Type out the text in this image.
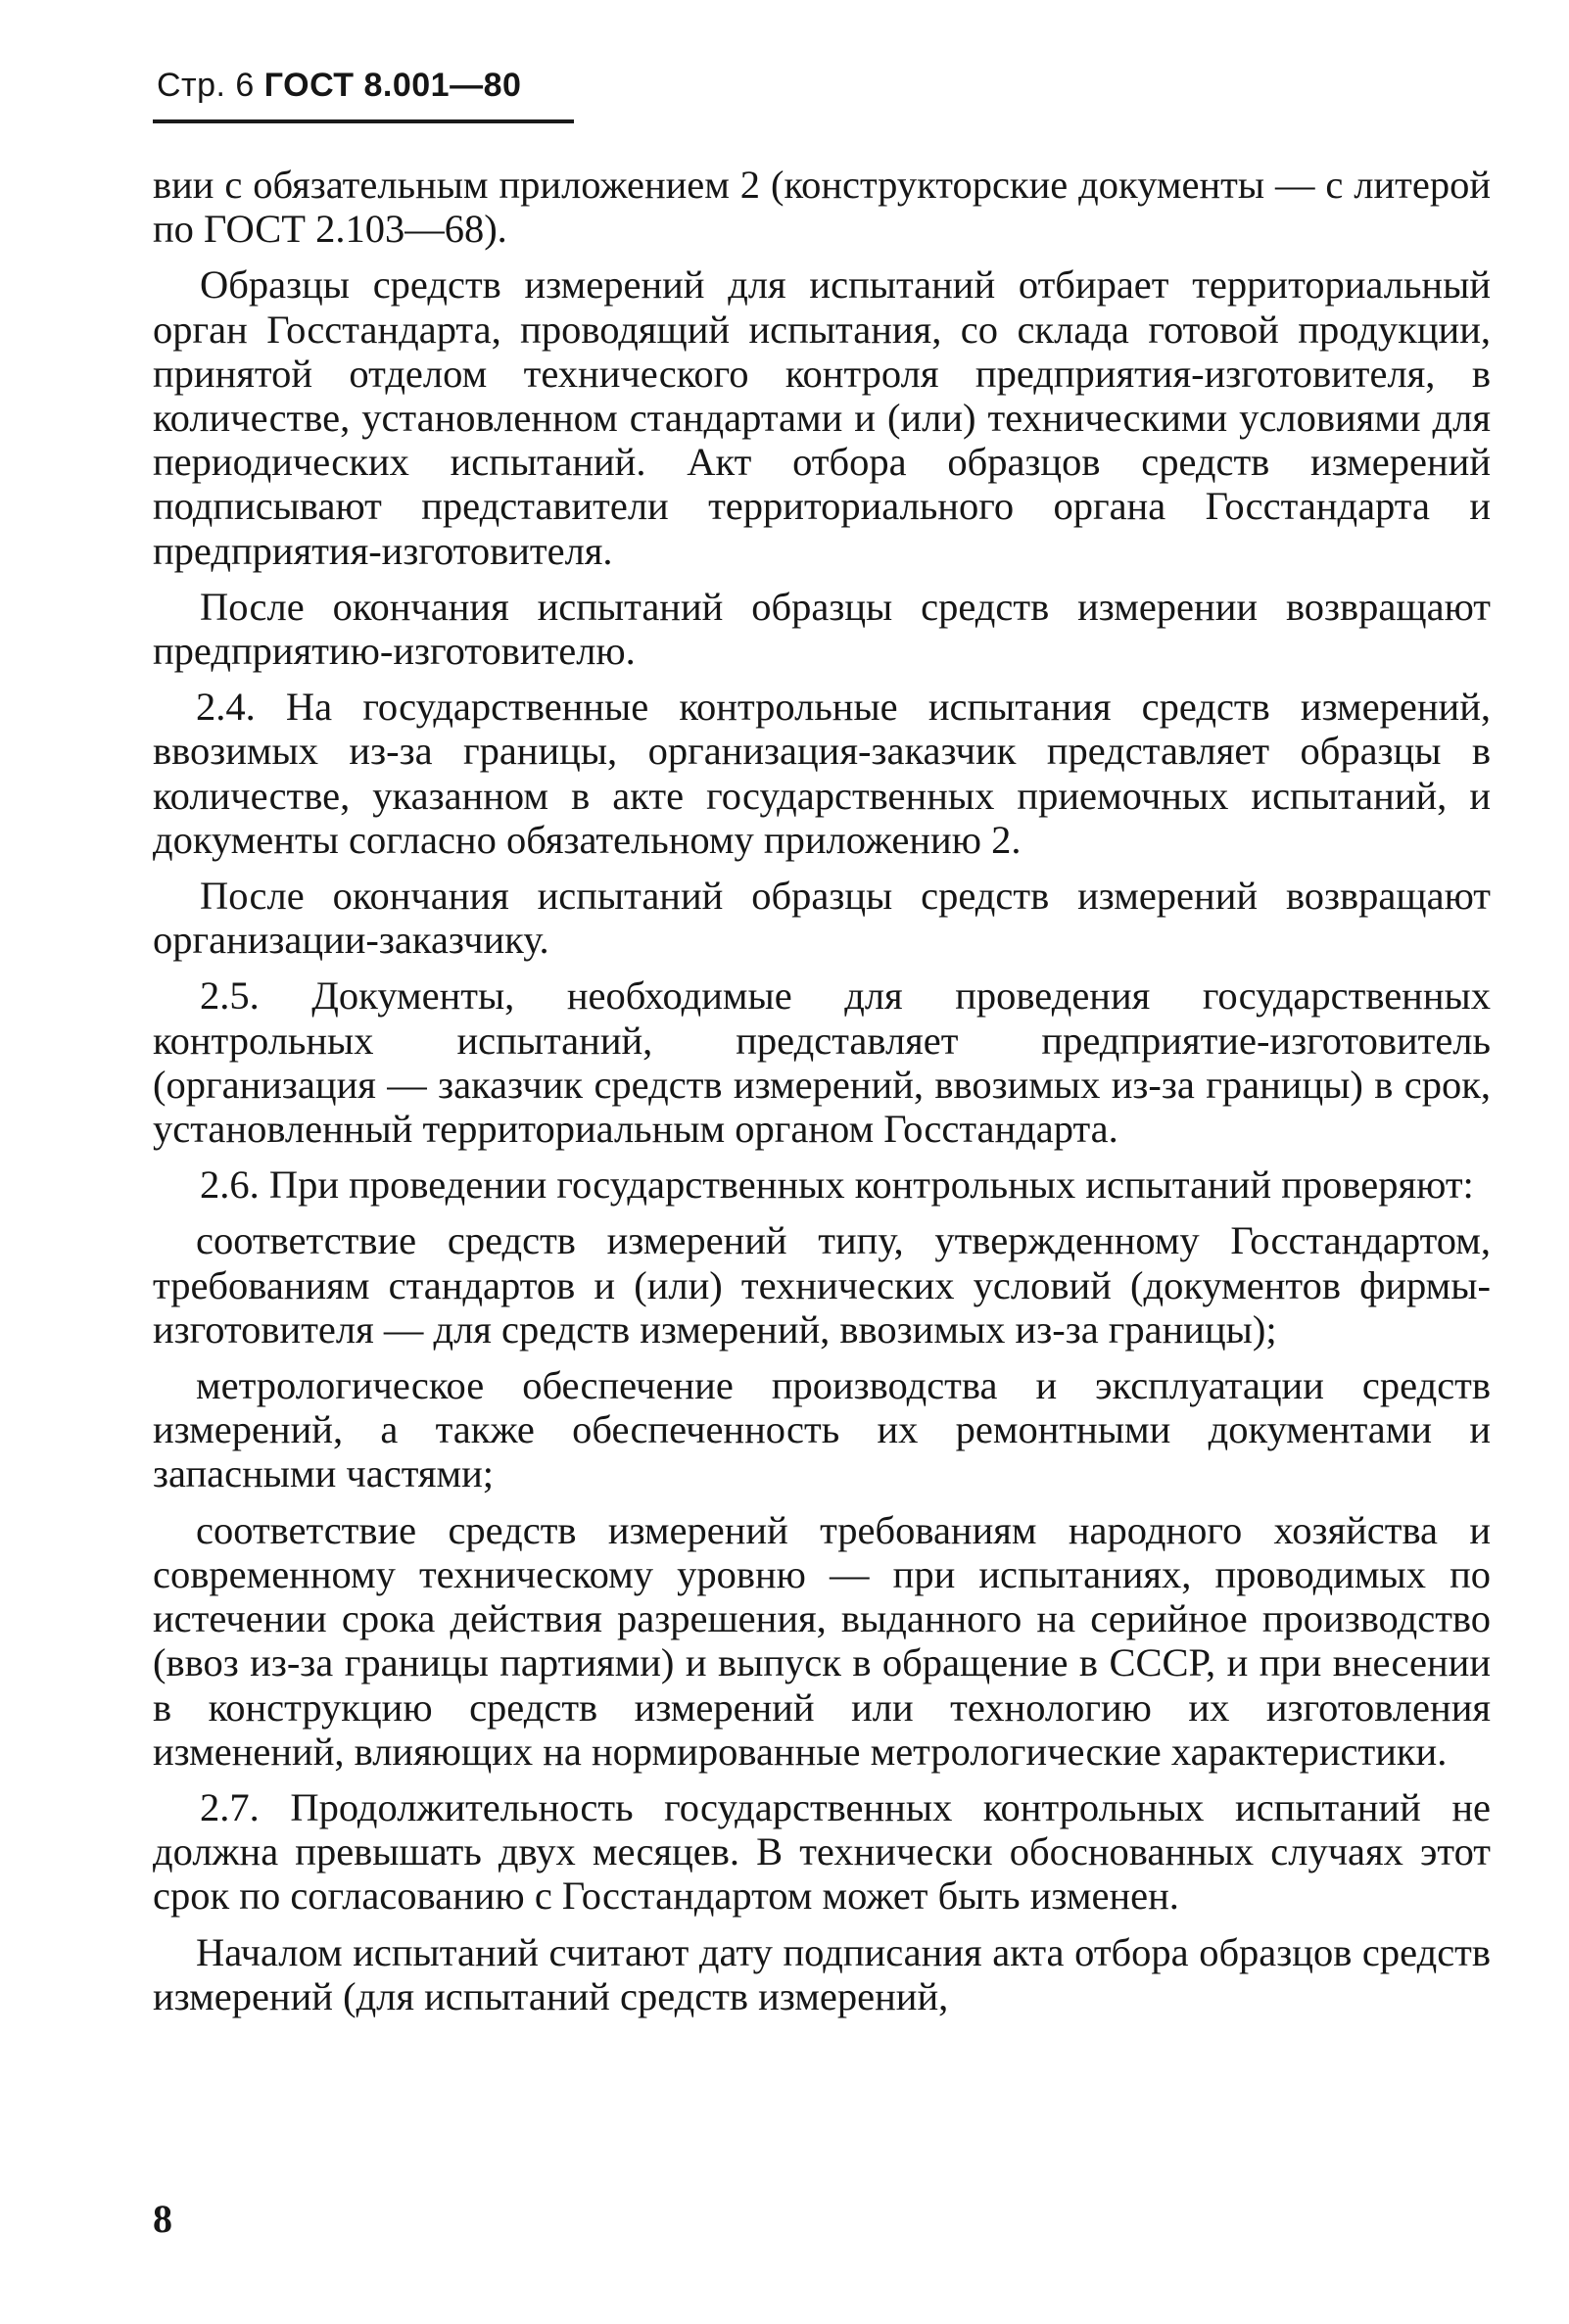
Стр. 6 ГОСТ 8.001—80

вии с обязательным приложением 2 (конструкторские документы — с литерой по ГОСТ 2.103—68).

Образцы средств измерений для испытаний отбирает территориальный орган Госстандарта, проводящий испытания, со склада готовой продукции, принятой отделом технического контроля предприятия-изготовителя, в количестве, установленном стандартами и (или) техническими условиями для периодических испытаний. Акт отбора образцов средств измерений подписывают представители территориального органа Госстандарта и предприятия-изготовителя.

После окончания испытаний образцы средств измерении возвращают предприятию-изготовителю.

2.4. На государственные контрольные испытания средств измерений, ввозимых из-за границы, организация-заказчик представляет образцы в количестве, указанном в акте государственных приемочных испытаний, и документы согласно обязательному приложению 2.

После окончания испытаний образцы средств измерений возвращают организации-заказчику.

2.5. Документы, необходимые для проведения государственных контрольных испытаний, представляет предприятие-изготовитель (организация — заказчик средств измерений, ввозимых из-за границы) в срок, установленный территориальным органом Госстандарта.

2.6. При проведении государственных контрольных испытаний проверяют:

соответствие средств измерений типу, утвержденному Госстандартом, требованиям стандартов и (или) технических условий (документов фирмы-изготовителя — для средств измерений, ввозимых из-за границы);

метрологическое обеспечение производства и эксплуатации средств измерений, а также обеспеченность их ремонтными документами и запасными частями;

соответствие средств измерений требованиям народного хозяйства и современному техническому уровню — при испытаниях, проводимых по истечении срока действия разрешения, выданного на серийное производство (ввоз из-за границы партиями) и выпуск в обращение в СССР, и при внесении в конструкцию средств измерений или технологию их изготовления изменений, влияющих на нормированные метрологические характеристики.

2.7. Продолжительность государственных контрольных испытаний не должна превышать двух месяцев. В технически обоснованных случаях этот срок по согласованию с Госстандартом может быть изменен.

Началом испытаний считают дату подписания акта отбора образцов средств измерений (для испытаний средств измерений,

8
